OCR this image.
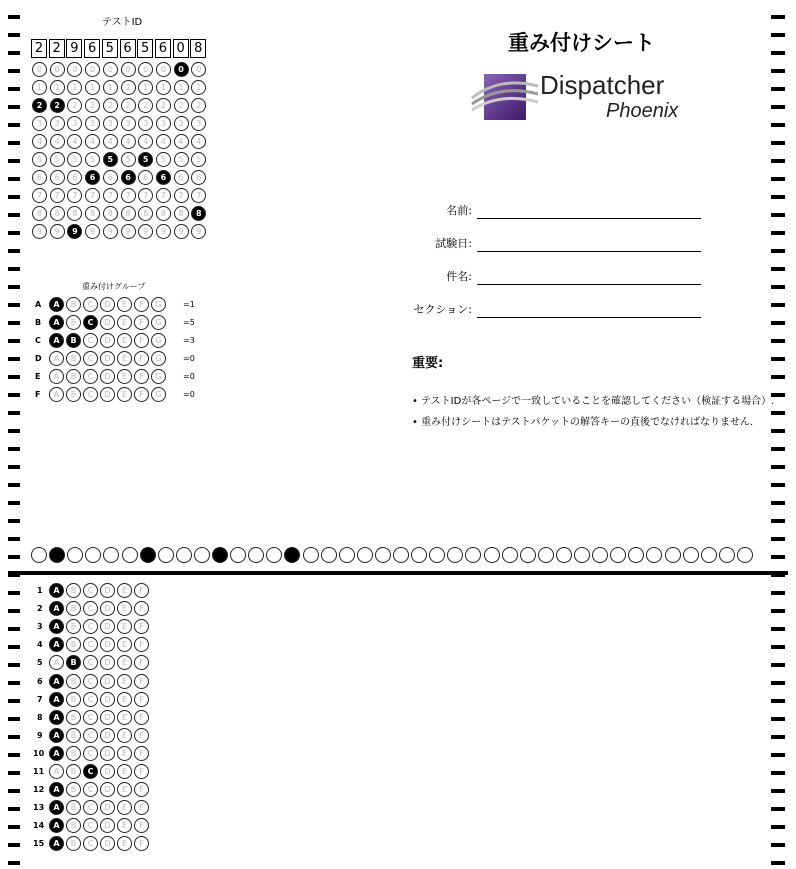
テストID
2 2 9 6 5 6 5 6 0 8
0	0	0	0	0	0	0	0	0	0
1	1	1	1	1	1	1	1	1	1
2	2	2	2	2	2	2	2	2	2
3	3	3	3	3	3	3	3	3	3
4	4	4	4	4	4	4	4	4	4
5	5	5	5	5	5	5	5	5	5
6	6	6	6	6	6	6	6	6	6
7	7	7	7	7	7	7	7	7	7
8	8	8	8	8	8	8	8	8	8
9	9	9	9	9	9	9	9	9	9
重み付けシート
Dispatcher
Phoenix
名前:
試験日:
件名:
セクション:
重要:
• テストIDが各ページで一致していることを確認してください（検証する場合）.
• 重み付けシートはテストパケットの解答キーの直後でなければなりません.
重み付けグループ
A	A	B	C	D	E	F	G	=1
B	A	B	C	D	E	F	G	=5
C	A	B	C	D	E	F	G	=3
D	A	B	C	D	E	F	G	=0
E	A	B	C	D	E	F	G	=0
F	A	B	C	D	E	F	G	=0
1	A	B	C	D	E	F
2	A	B	C	D	E	F
3	A	B	C	D	E	F
4	A	B	C	D	E	F
5	A	B	C	D	E	F
6	A	B	C	D	E	F
7	A	B	C	D	E	F
8	A	B	C	D	E	F
9	A	B	C	D	E	F
10	A	B	C	D	E	F
11	A	B	C	D	E	F
12	A	B	C	D	E	F
13	A	B	C	D	E	F
14	A	B	C	D	E	F
15	A	B	C	D	E	F
